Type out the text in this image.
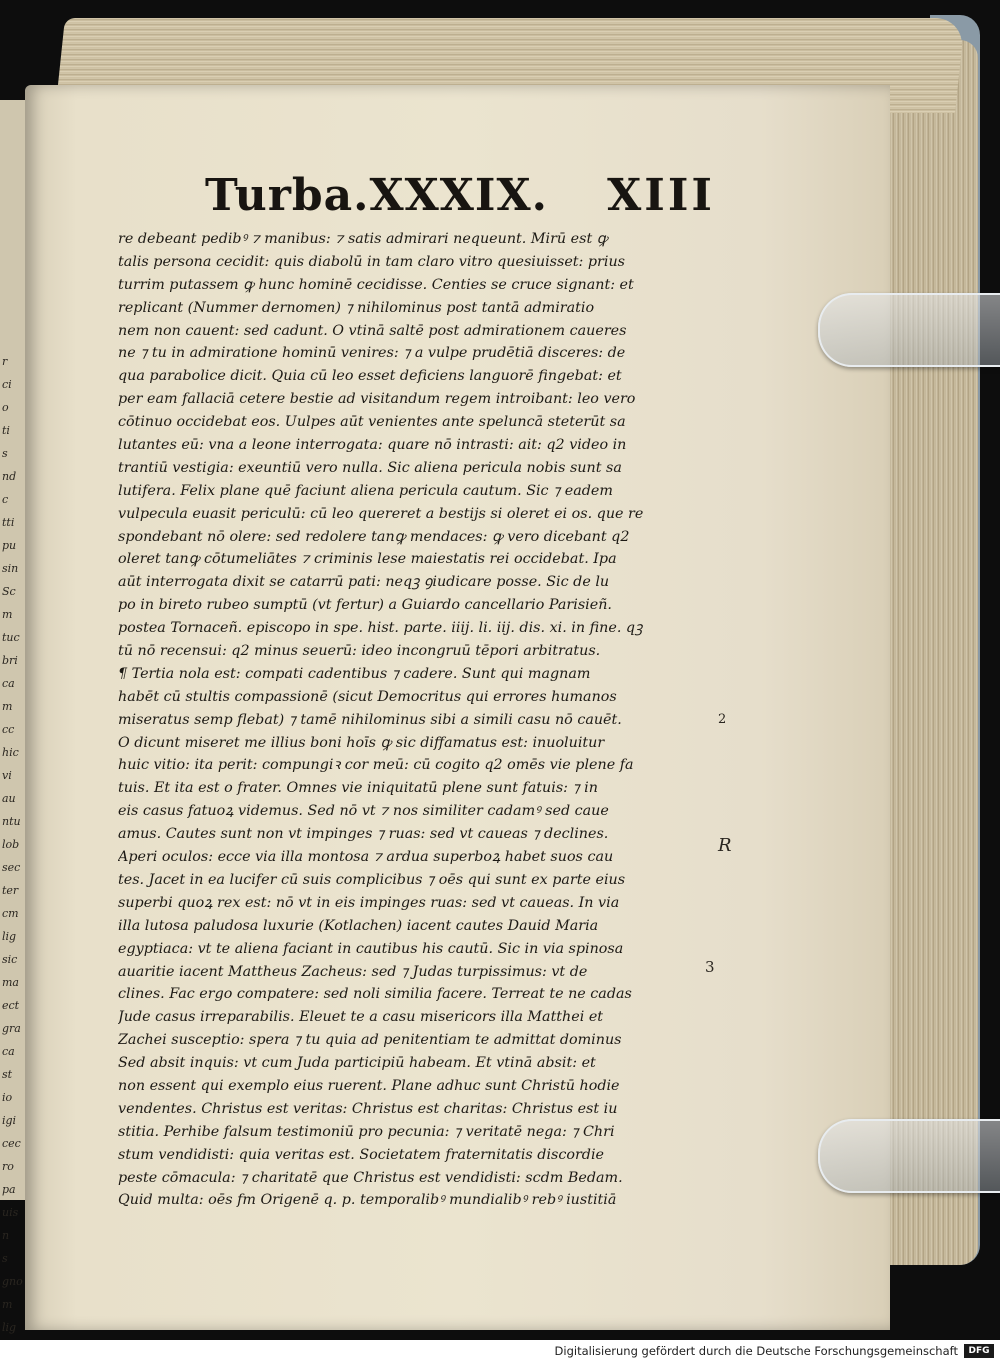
r
ci
o
ti
s
nd
c
tti
pu
sin
Sc
m
tuc
bri
ca
m
cc
hic
vi
au
ntu
lob
sec
ter
cm
lig
sic
ma
ect
gra
ca
st
io
igi
cec
ro
pa
uis
n
s
gno
m
lig
Turba.XXXIX. XIII
re debeant pedibꝰ ⁊ manibus: ⁊ satis admirari nequeunt. Mirū est ꝙ
talis persona cecidit: quis diabolū in tam claro vitro quesiuisset: prius
turrim putassem ꝙ hunc hominē cecidisse. Centies se cruce signant: et
replicant (Nummer dernomen) ⁊ nihilominus post tantā admiratio
nem non cauent: sed cadunt. O vtinā saltē post admirationem caueres
ne ⁊ tu in admiratione hominū venires: ⁊ a vulpe prudētiā disceres: de
qua parabolice dicit. Quia cū leo esset deficiens languorē fingebat: et
per eam fallaciā cetere bestie ad visitandum regem introibant: leo vero
cōtinuo occidebat eos. Uulpes aūt venientes ante speluncā steterūt sa
lutantes eū: vna a leone interrogata: quare nō intrasti: ait: q2 video in
trantiū vestigia: exeuntiū vero nulla. Sic aliena pericula nobis sunt sa
lutifera. Felix plane quē faciunt aliena pericula cautum. Sic ⁊ eadem
vulpecula euasit periculū: cū leo quereret a bestijs si oleret ei os. que re
spondebant nō olere: sed redolere tanꝙ mendaces: ꝙ vero dicebant q2
oleret tanꝙ cōtumeliātes ⁊ criminis lese maiestatis rei occidebat. Ipa
aūt interrogata dixit se catarrū pati: neqꝫ ꝯiudicare posse. Sic de lu
po in bireto rubeo sumptū (vt fertur) a Guiardo cancellario Parisieñ.
postea Tornaceñ. episcopo in spe. hist. parte. iiij. li. iij. dis. xi. in fine. qꝫ
tū nō recensui: q2 minus seuerū: ideo incongruū tēpori arbitratus.
¶ Tertia nola est: compati cadentibus ⁊ cadere. Sunt qui magnam
habēt cū stultis compassionē (sicut Democritus qui errores humanos
miseratus semp flebat) ⁊ tamē nihilominus sibi a simili casu nō cauēt.
O dicunt miseret me illius boni hoīs ꝙ sic diffamatus est: inuoluitur
huic vitio: ita perit: compungiꝛ cor meū: cū cogito q2 omēs vie plene fa
tuis. Et ita est o frater. Omnes vie iniquitatū plene sunt fatuis: ⁊ in
eis casus fatuoꝝ videmus. Sed nō vt ⁊ nos similiter cadamꝰ sed caue
amus. Cautes sunt non vt impinges ⁊ ruas: sed vt caueas ⁊ declines.
Aperi oculos: ecce via illa montosa ⁊ ardua superboꝝ habet suos cau
tes. Jacet in ea lucifer cū suis complicibus ⁊ oēs qui sunt ex parte eius
superbi quoꝝ rex est: nō vt in eis impinges ruas: sed vt caueas. In via
illa lutosa paludosa luxurie (Kotlachen) iacent cautes Dauid Maria
egyptiaca: vt te aliena faciant in cautibus his cautū. Sic in via spinosa
auaritie iacent Mattheus Zacheus: sed ⁊ Judas turpissimus: vt de
clines. Fac ergo compatere: sed noli similia facere. Terreat te ne cadas
Jude casus irreparabilis. Eleuet te a casu misericors illa Matthei et
Zachei susceptio: spera ⁊ tu quia ad penitentiam te admittat dominus
Sed absit inquis: vt cum Juda participiū habeam. Et vtinā absit: et
non essent qui exemplo eius ruerent. Plane adhuc sunt Christū hodie
vendentes. Christus est veritas: Christus est charitas: Christus est iu
stitia. Perhibe falsum testimoniū pro pecunia: ⁊ veritatē nega: ⁊ Chri
stum vendidisti: quia veritas est. Societatem fraternitatis discordie
peste cōmacula: ⁊ charitatē que Christus est vendidisti: scdm Bedam.
Quid multa: oēs fm Origenē q. p. temporalibꝰ mundialibꝰ rebꝰ iustitiā
2
R
3
Digitalisierung gefördert durch die Deutsche Forschungsgemeinschaft	DFG
